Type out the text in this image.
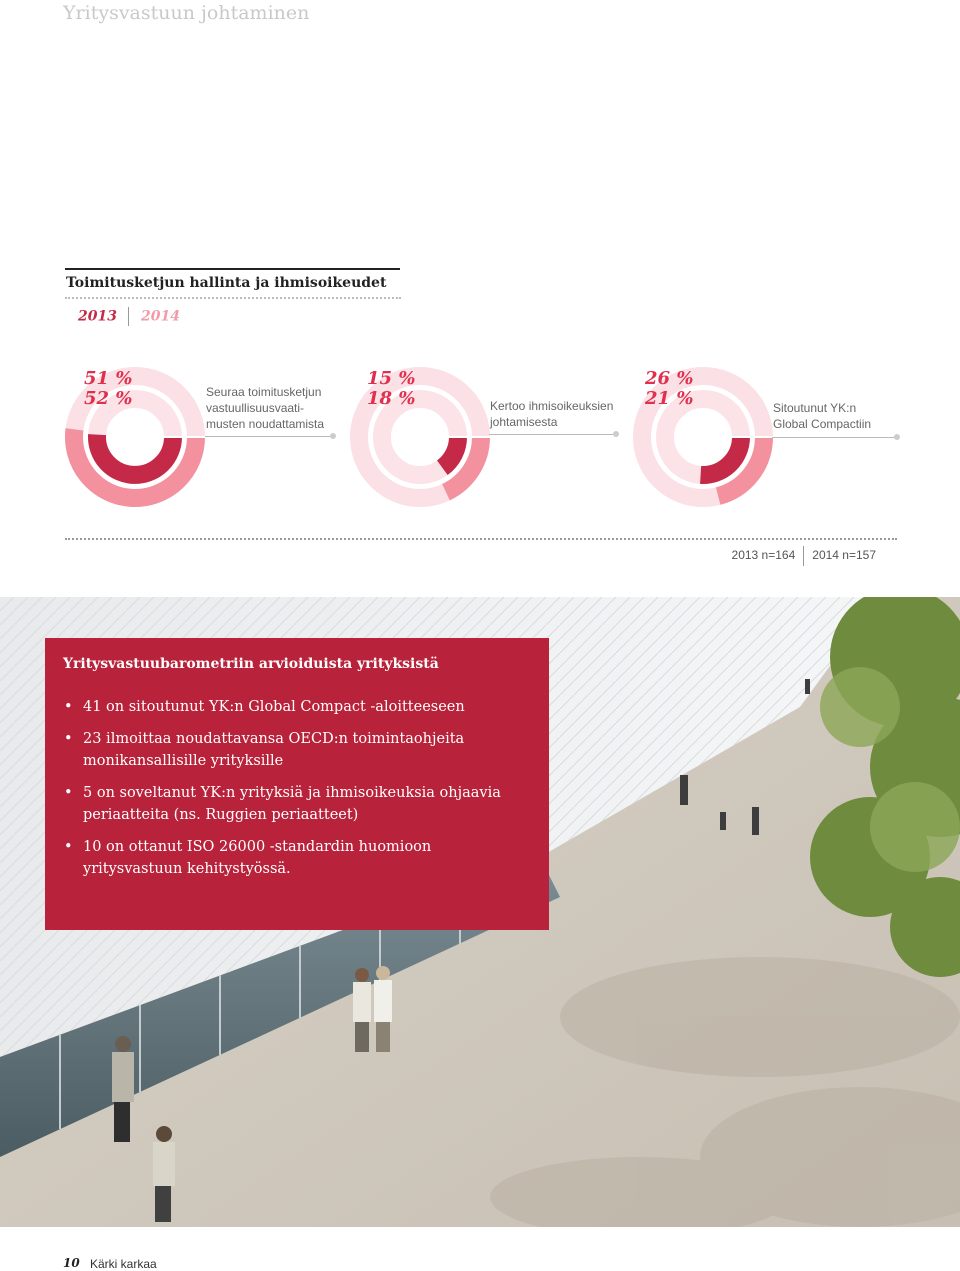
Yritysvastuun johtaminen
Toimitusketjun hallinta ja ihmisoikeudet
2013 2014
51 %
52 %	Seuraa toimitusketjun
vastuullisuusvaati-
musten noudattamista
15 %
18 %	Kertoo ihmisoikeuksien
johtamisesta
26 %
21 %	Sitoutunut YK:n
Global Compactiin
2013 n=164 2014 n=157
Yritysvastuubarometriin arvioiduista yrityksistä
• 41 on sitoutunut YK:n Global Compact -aloitteeseen
• 23 ilmoittaa noudattavansa OECD:n toimintaohjeita monikansallisille yrityksille
• 5 on soveltanut YK:n yrityksiä ja ihmisoikeuksia ohjaavia periaatteita (ns. Ruggien periaatteet)
• 10 on ottanut ISO 26000 -standardin huomioon yritysvastuun kehitystyössä.
10 Kärki karkaa
